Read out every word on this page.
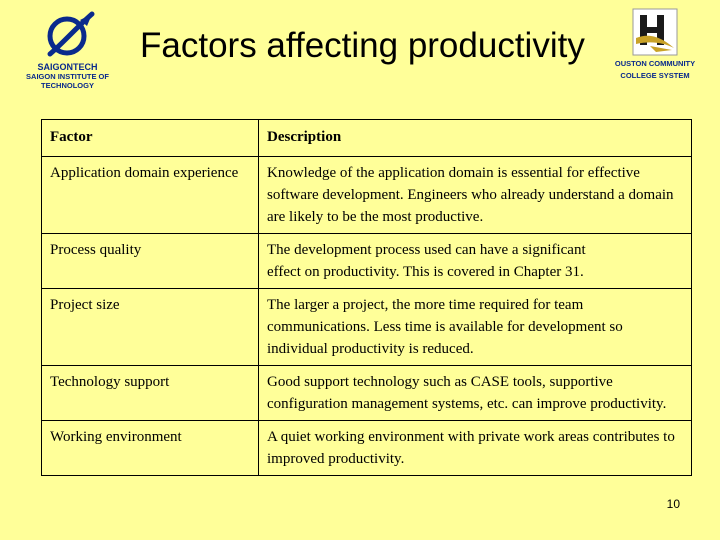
SAIGONTECH
SAIGON INSTITUTE OF
TECHNOLOGY
Factors affecting productivity	OUSTON COMMUNITY
COLLEGE SYSTEM
Factor	Description
Application domain experience	Knowledge of the application domain is essential for effective software development. Engineers who already understand a domain are likely to be the most productive.
Process quality	The development process used can have a significant
effect on productivity. This is covered in Chapter 31.
Project size	The larger a project, the more time required for team communications. Less time is available for development so individual productivity is reduced.
Technology support	Good support technology such as CASE tools, supportive configuration management systems, etc. can improve productivity.
Working environment	A quiet working environment with private work areas contributes to improved productivity.
10
